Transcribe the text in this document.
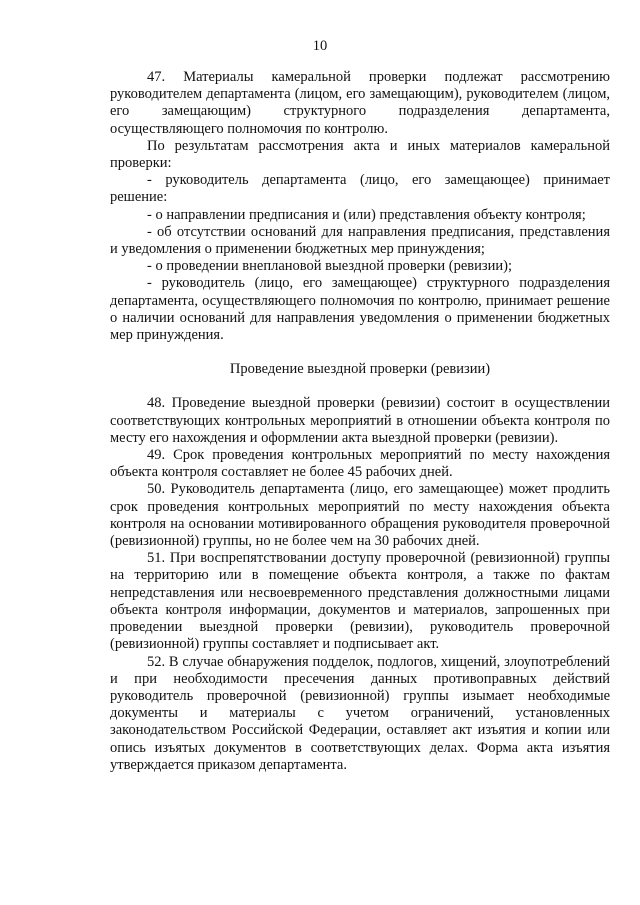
10

47. Материалы камеральной проверки подлежат рассмотрению руководителем департамента (лицом, его замещающим), руководителем (лицом, его замещающим) структурного подразделения департамента, осуществляющего полномочия по контролю.

По результатам рассмотрения акта и иных материалов камеральной проверки:

- руководитель департамента (лицо, его замещающее) принимает решение:

- о направлении предписания и (или) представления объекту контроля;

- об отсутствии оснований для направления предписания, представления и уведомления о применении бюджетных мер принуждения;

- о проведении внеплановой выездной проверки (ревизии);

- руководитель (лицо, его замещающее) структурного подразделения департамента, осуществляющего полномочия по контролю, принимает решение о наличии оснований для направления уведомления о применении бюджетных мер принуждения.

Проведение выездной проверки (ревизии)

48. Проведение выездной проверки (ревизии) состоит в осуществлении соответствующих контрольных мероприятий в отношении объекта контроля по месту его нахождения и оформлении акта выездной проверки (ревизии).

49. Срок проведения контрольных мероприятий по месту нахождения объекта контроля составляет не более 45 рабочих дней.

50. Руководитель департамента (лицо, его замещающее) может продлить срок проведения контрольных мероприятий по месту нахождения объекта контроля на основании мотивированного обращения руководителя проверочной (ревизионной) группы, но не более чем на 30 рабочих дней.

51. При воспрепятствовании доступу проверочной (ревизионной) группы на территорию или в помещение объекта контроля, а также по фактам непредставления или несвоевременного представления должностными лицами объекта контроля информации, документов и материалов, запрошенных при проведении выездной проверки (ревизии), руководитель проверочной (ревизионной) группы составляет и подписывает акт.

52. В случае обнаружения подделок, подлогов, хищений, злоупотреблений и при необходимости пресечения данных противоправных действий руководитель проверочной (ревизионной) группы изымает необходимые документы и материалы с учетом ограничений, установленных законодательством Российской Федерации, оставляет акт изъятия и копии или опись изъятых документов в соответствующих делах. Форма акта изъятия утверждается приказом департамента.
